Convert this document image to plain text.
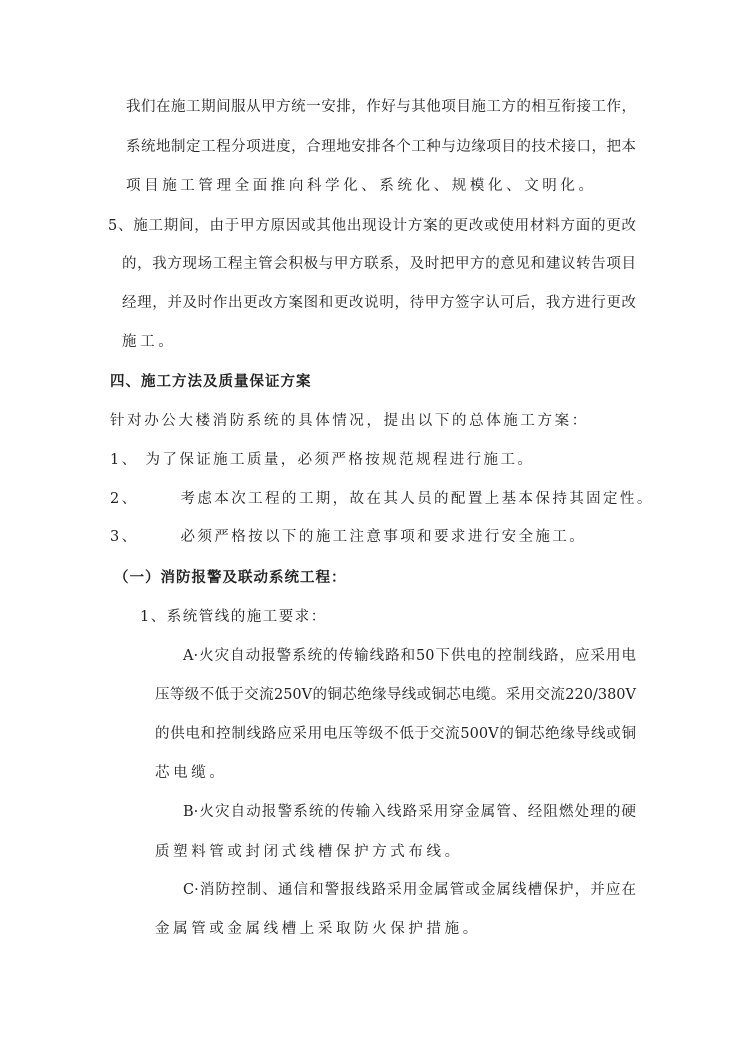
我们在施工期间服从甲方统一安排，作好与其他项目施工方的相互衔接工作，
系统地制定工程分项进度，合理地安排各个工种与边缘项目的技术接口，把本
项目施工管理全面推向科学化、系统化、规模化、文明化。
5、施工期间，由于甲方原因或其他出现设计方案的更改或使用材料方面的更改
的，我方现场工程主管会积极与甲方联系，及时把甲方的意见和建议转告项目
经理，并及时作出更改方案图和更改说明，待甲方签字认可后，我方进行更改
施工。
四、施工方法及质量保证方案
针对办公大楼消防系统的具体情况，提出以下的总体施工方案：
1、 为了保证施工质量，必须严格按规范规程进行施工。
2、	考虑本次工程的工期，故在其人员的配置上基本保持其固定性。
3、	必须严格按以下的施工注意事项和要求进行安全施工。
（一）消防报警及联动系统工程：
1、系统管线的施工要求：
A·火灾自动报警系统的传输线路和50下供电的控制线路，应采用电
压等级不低于交流250V的铜芯绝缘导线或铜芯电缆。采用交流220/380V
的供电和控制线路应采用电压等级不低于交流500V的铜芯绝缘导线或铜
芯电缆。
B·火灾自动报警系统的传输入线路采用穿金属管、经阻燃处理的硬
质塑料管或封闭式线槽保护方式布线。
C·消防控制、通信和警报线路采用金属管或金属线槽保护，并应在
金属管或金属线槽上采取防火保护措施。
